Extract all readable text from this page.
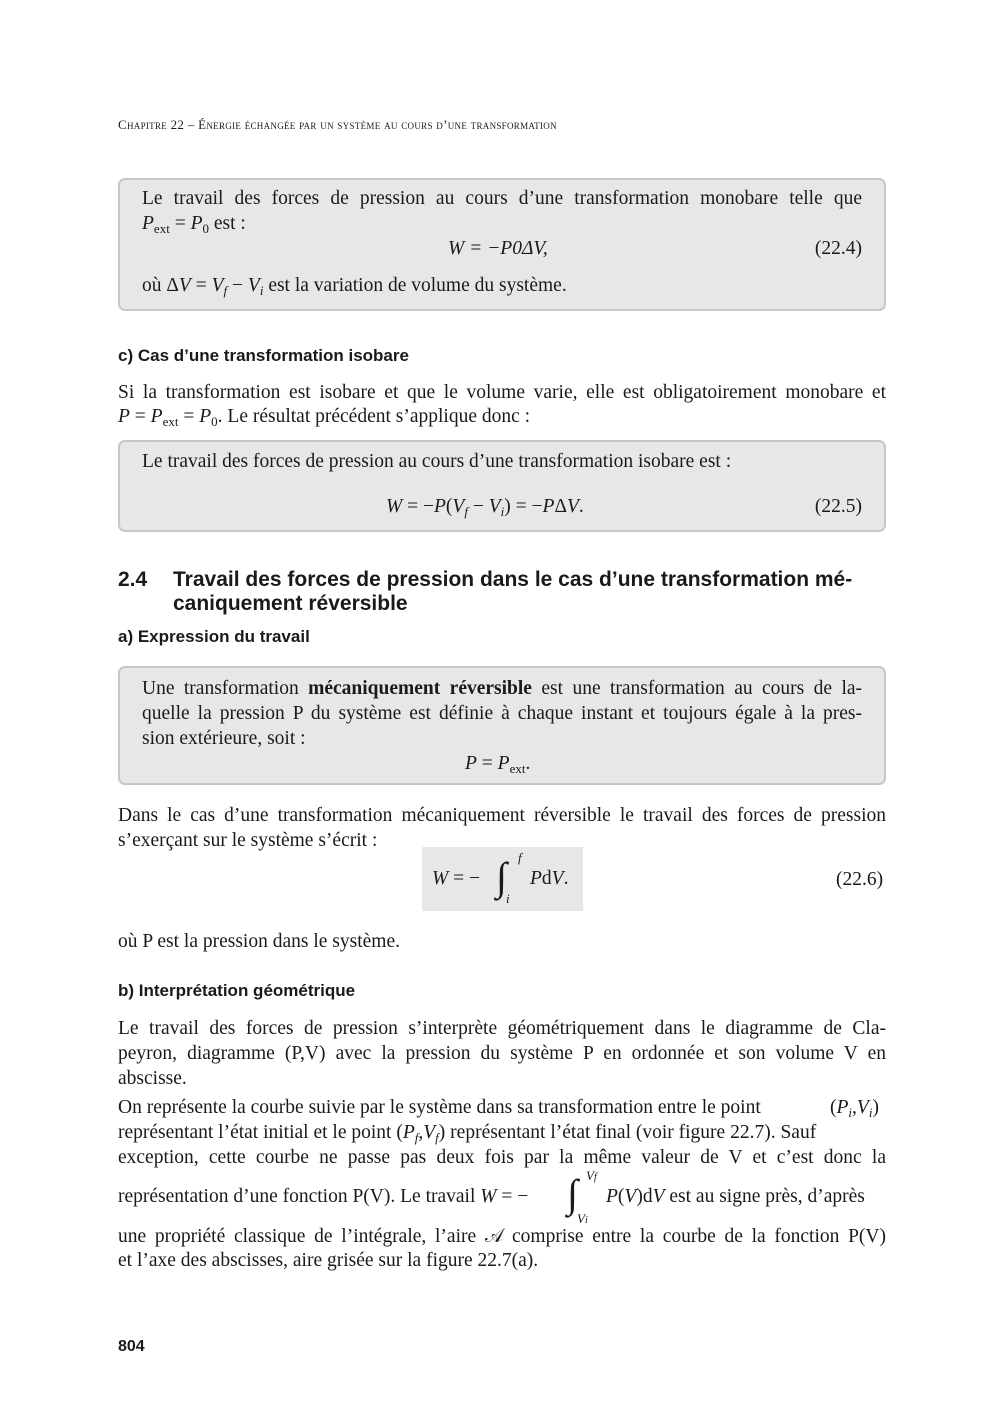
Chapitre 22 – Énergie échangée par un système au cours d’une transformation
Le travail des forces de pression au cours d’une transformation monobare telle que
$P_{ext} = P_0$ est :
W = −P0ΔV,	(22.4)
où $\Delta V = V_f - V_i$ est la variation de volume du système.
c) Cas d’une transformation isobare
Si la transformation est isobare et que le volume varie, elle est obligatoirement monobare et
$P = P_{ext} = P_0$. Le résultat précédent s’applique donc :
Le travail des forces de pression au cours d’une transformation isobare est :
$W = -P(V_f - V_i) = -P\Delta V$.	(22.5)
2.4 Travail des forces de pression dans le cas d’une transformation mé-
caniquement réversible
a) Expression du travail
Une transformation mécaniquement réversible est une transformation au cours de la-
quelle la pression P du système est définie à chaque instant et toujours égale à la pres-
sion extérieure, soit :
$P = P_{ext}$.
Dans le cas d’une transformation mécaniquement réversible le travail des forces de pression
s’exerçant sur le système s’écrit :
W = − ∫ f
i
PdV.	(22.6)
où P est la pression dans le système.
b) Interprétation géométrique
Le travail des forces de pression s’interprète géométriquement dans le diagramme de Cla-
peyron, diagramme (P,V) avec la pression du système P en ordonnée et son volume V en
abscisse.
On représente la courbe suivie par le système dans sa transformation entre le point	$(P_i,V_i)$
représentant l’état initial et le point $(P_f,V_f)$ représentant l’état final (voir figure 22.7). Sauf
exception, cette courbe ne passe pas deux fois par la même valeur de V et c’est donc la
représentation d’une fonction P(V). Le travail W = − ∫ Vf
Vi
P(V)dV est au signe près, d’après
une propriété classique de l’intégrale, l’aire 𝒜 comprise entre la courbe de la fonction P(V)
et l’axe des abscisses, aire grisée sur la figure 22.7(a).
804
